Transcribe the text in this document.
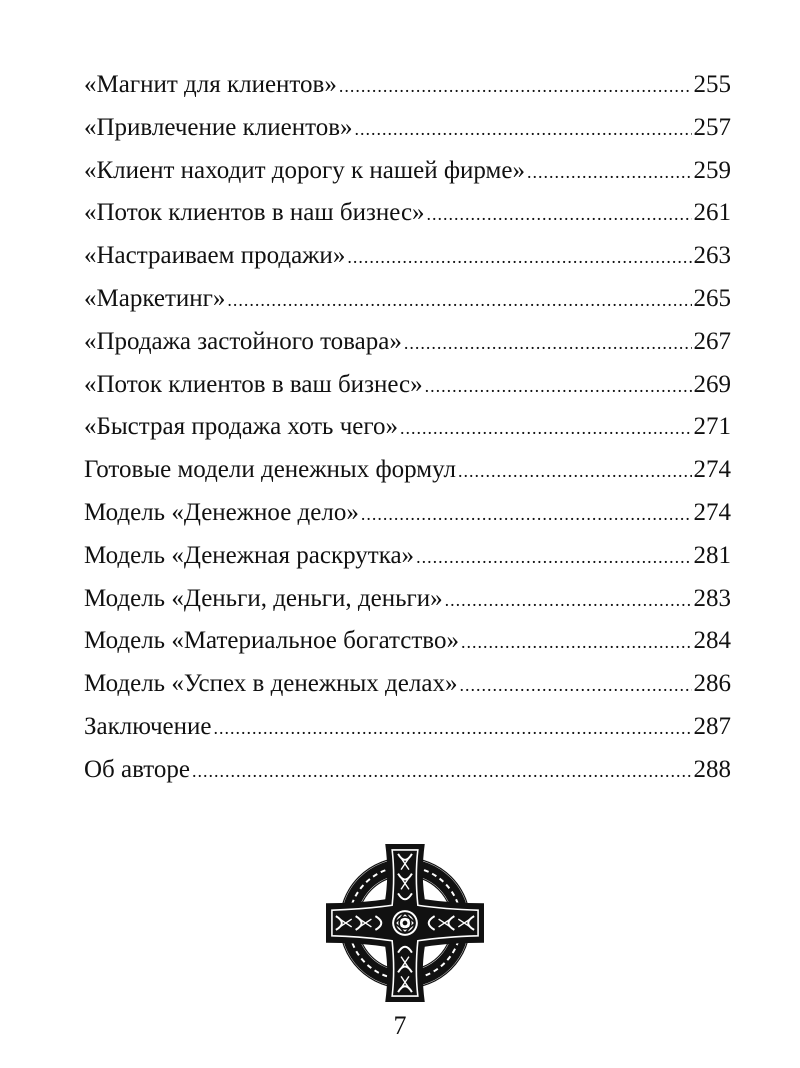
«Магнит для клиентов» .....	255
«Привлечение клиентов» .....	257
«Клиент находит дорогу к нашей фирме» .....	259
«Поток клиентов в наш бизнес» .....	261
«Настраиваем продажи» .....	263
«Маркетинг» .....	265
«Продажа застойного товара» .....	267
«Поток клиентов в ваш бизнес» .....	269
«Быстрая продажа хоть чего» .....	271
Готовые модели денежных формул .....	274
Модель «Денежное дело» .....	274
Модель «Денежная раскрутка» .....	281
Модель «Деньги, деньги, деньги» .....	283
Модель «Материальное богатство» .....	284
Модель «Успех в денежных делах» .....	286
Заключение .....	287
Об авторе .....	288
7
